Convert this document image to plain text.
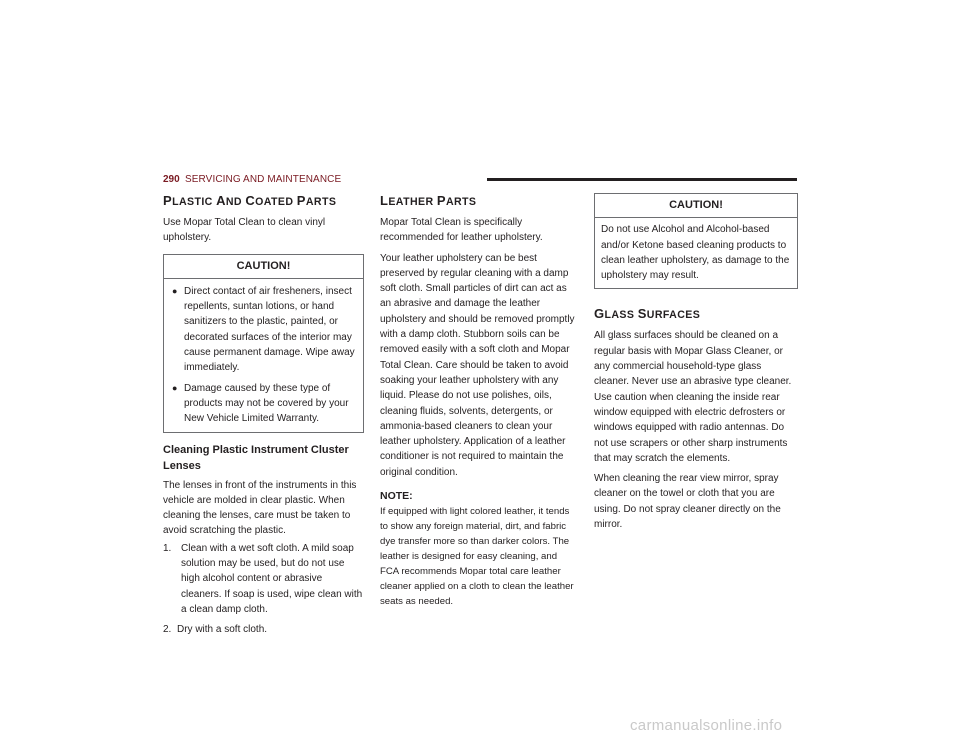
290 SERVICING AND MAINTENANCE
PLASTIC AND COATED PARTS

Use Mopar Total Clean to clean vinyl upholstery.

CAUTION!
● Direct contact of air fresheners, insect repellents, suntan lotions, or hand sanitizers to the plastic, painted, or decorated surfaces of the interior may cause permanent damage. Wipe away immediately.
● Damage caused by these type of products may not be covered by your New Vehicle Limited Warranty.
Cleaning Plastic Instrument Cluster Lenses

The lenses in front of the instruments in this vehicle are molded in clear plastic. When cleaning the lenses, care must be taken to avoid scratching the plastic.

1. Clean with a wet soft cloth. A mild soap solution may be used, but do not use high alcohol content or abrasive cleaners. If soap is used, wipe clean with a clean damp cloth.
2. Dry with a soft cloth.
LEATHER PARTS

Mopar Total Clean is specifically recommended for leather upholstery.

Your leather upholstery can be best preserved by regular cleaning with a damp soft cloth. Small particles of dirt can act as an abrasive and damage the leather upholstery and should be removed promptly with a damp cloth. Stubborn soils can be removed easily with a soft cloth and Mopar Total Clean. Care should be taken to avoid soaking your leather upholstery with any liquid. Please do not use polishes, oils, cleaning fluids, solvents, detergents, or ammonia-based cleaners to clean your leather upholstery. Application of a leather conditioner is not required to maintain the original condition.

NOTE:

If equipped with light colored leather, it tends to show any foreign material, dirt, and fabric dye transfer more so than darker colors. The leather is designed for easy cleaning, and FCA recommends Mopar total care leather cleaner applied on a cloth to clean the leather seats as needed.

CAUTION!

Do not use Alcohol and Alcohol-based and/or Ketone based cleaning products to clean leather upholstery, as damage to the upholstery may result.

GLASS SURFACES

All glass surfaces should be cleaned on a regular basis with Mopar Glass Cleaner, or any commercial household-type glass cleaner. Never use an abrasive type cleaner. Use caution when cleaning the inside rear window equipped with electric defrosters or windows equipped with radio antennas. Do not use scrapers or other sharp instruments that may scratch the elements.

When cleaning the rear view mirror, spray cleaner on the towel or cloth that you are using. Do not spray cleaner directly on the mirror.

carmanualsonline.info
